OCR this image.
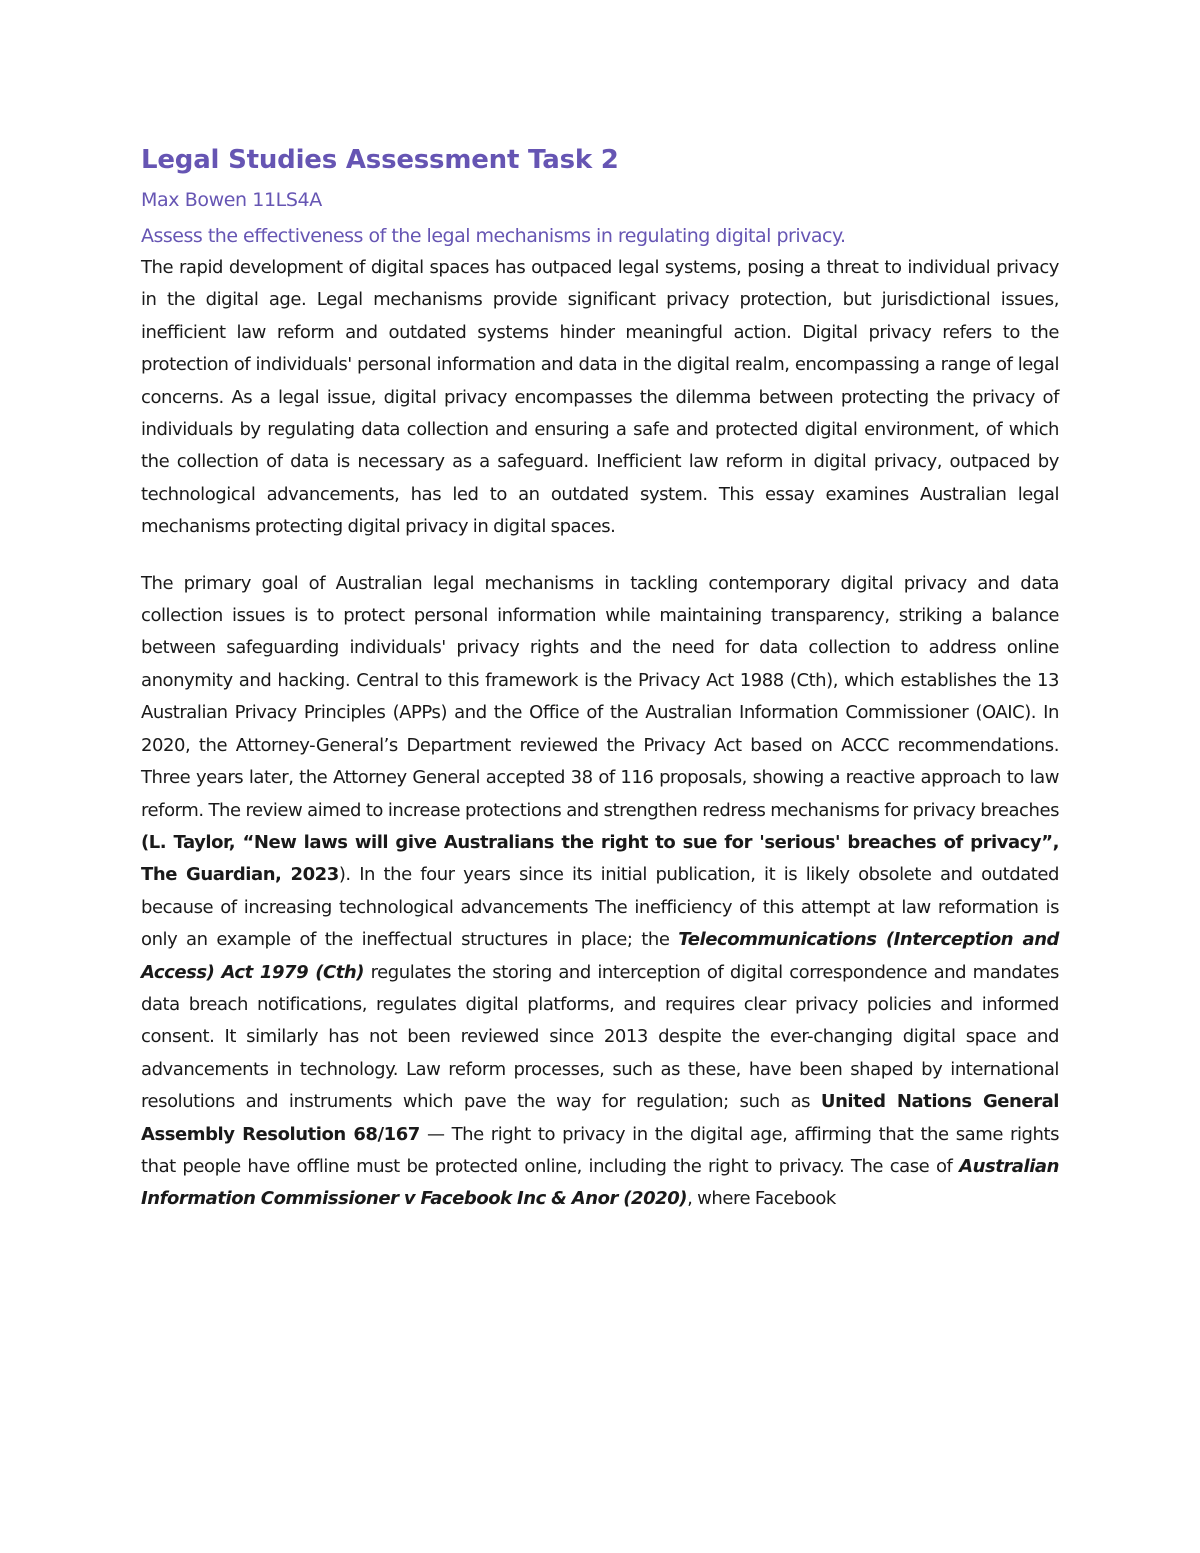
Legal Studies Assessment Task 2
Max Bowen 11LS4A
Assess the effectiveness of the legal mechanisms in regulating digital privacy.

The rapid development of digital spaces has outpaced legal systems, posing a threat to individual privacy in the digital age. Legal mechanisms provide significant privacy protection, but jurisdictional issues, inefficient law reform and outdated systems hinder meaningful action. Digital privacy refers to the protection of individuals' personal information and data in the digital realm, encompassing a range of legal concerns. As a legal issue, digital privacy encompasses the dilemma between protecting the privacy of individuals by regulating data collection and ensuring a safe and protected digital environment, of which the collection of data is necessary as a safeguard. Inefficient law reform in digital privacy, outpaced by technological advancements, has led to an outdated system. This essay examines Australian legal mechanisms protecting digital privacy in digital spaces.

The primary goal of Australian legal mechanisms in tackling contemporary digital privacy and data collection issues is to protect personal information while maintaining transparency, striking a balance between safeguarding individuals' privacy rights and the need for data collection to address online anonymity and hacking. Central to this framework is the Privacy Act 1988 (Cth), which establishes the 13 Australian Privacy Principles (APPs) and the Office of the Australian Information Commissioner (OAIC). In 2020, the Attorney-General’s Department reviewed the Privacy Act based on ACCC recommendations. Three years later, the Attorney General accepted 38 of 116 proposals, showing a reactive approach to law reform. The review aimed to increase protections and strengthen redress mechanisms for privacy breaches (L. Taylor, “New laws will give Australians the right to sue for 'serious' breaches of privacy”, The Guardian, 2023). In the four years since its initial publication, it is likely obsolete and outdated because of increasing technological advancements The inefficiency of this attempt at law reformation is only an example of the ineffectual structures in place; the Telecommunications (Interception and Access) Act 1979 (Cth) regulates the storing and interception of digital correspondence and mandates data breach notifications, regulates digital platforms, and requires clear privacy policies and informed consent. It similarly has not been reviewed since 2013 despite the ever-changing digital space and advancements in technology. Law reform processes, such as these, have been shaped by international resolutions and instruments which pave the way for regulation; such as United Nations General Assembly Resolution 68/167 — The right to privacy in the digital age, affirming that the same rights that people have offline must be protected online, including the right to privacy. The case of Australian Information Commissioner v Facebook Inc & Anor (2020), where Facebook
